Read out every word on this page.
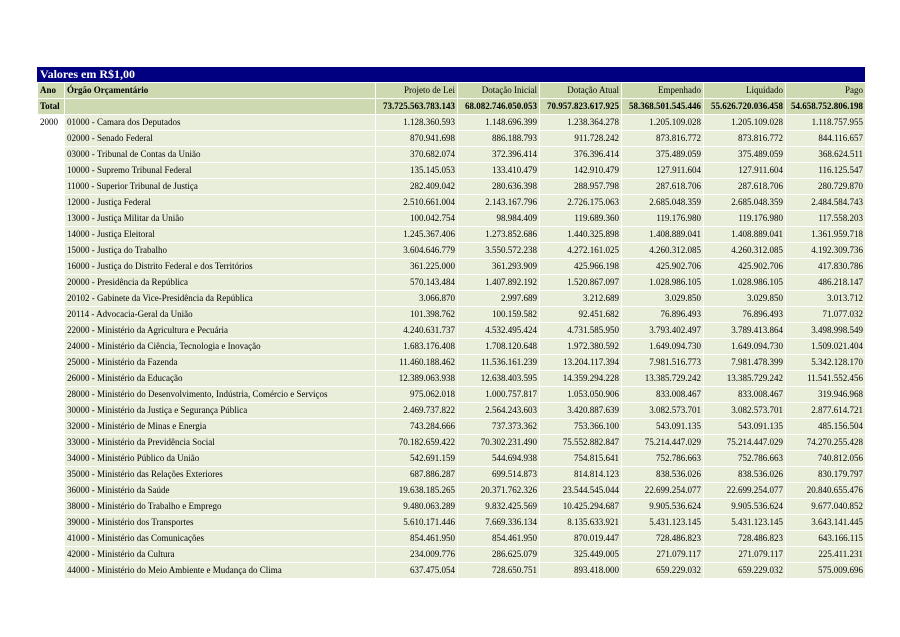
Valores em R$1,00
Ano	Órgão Orçamentário	Projeto de Lei	Dotação Inicial	Dotação Atual	Empenhado	Liquidado	Pago
Total		73.725.563.783.143	68.082.746.050.053	70.957.823.617.925	58.368.501.545.446	55.626.720.036.458	54.658.752.806.198
2000	01000 - Camara dos Deputados	1.128.360.593	1.148.696.399	1.238.364.278	1.205.109.028	1.205.109.028	1.118.757.955
	02000 - Senado Federal	870.941.698	886.188.793	911.728.242	873.816.772	873.816.772	844.116.657
	03000 - Tribunal de Contas da União	370.682.074	372.396.414	376.396.414	375.489.059	375.489.059	368.624.511
	10000 - Supremo Tribunal Federal	135.145.053	133.410.479	142.910.479	127.911.604	127.911.604	116.125.547
	11000 - Superior Tribunal de Justiça	282.409.042	280.636.398	288.957.798	287.618.706	287.618.706	280.729.870
	12000 - Justiça Federal	2.510.661.004	2.143.167.796	2.726.175.063	2.685.048.359	2.685.048.359	2.484.584.743
	13000 - Justiça Militar da União	100.042.754	98.984.409	119.689.360	119.176.980	119.176.980	117.558.203
	14000 - Justiça Eleitoral	1.245.367.406	1.273.852.686	1.440.325.898	1.408.889.041	1.408.889.041	1.361.959.718
	15000 - Justiça do Trabalho	3.604.646.779	3.550.572.238	4.272.161.025	4.260.312.085	4.260.312.085	4.192.309.736
	16000 - Justiça do Distrito Federal e dos Territórios	361.225.000	361.293.909	425.966.198	425.902.706	425.902.706	417.830.786
	20000 - Presidência da República	570.143.484	1.407.892.192	1.520.867.097	1.028.986.105	1.028.986.105	486.218.147
	20102 - Gabinete da Vice-Presidência da República	3.066.870	2.997.689	3.212.689	3.029.850	3.029.850	3.013.712
	20114 - Advocacia-Geral da União	101.398.762	100.159.582	92.451.682	76.896.493	76.896.493	71.077.032
	22000 - Ministério da Agricultura e Pecuária	4.240.631.737	4.532.495.424	4.731.585.950	3.793.402.497	3.789.413.864	3.498.998.549
	24000 - Ministério da Ciência, Tecnologia e Inovação	1.683.176.408	1.708.120.648	1.972.380.592	1.649.094.730	1.649.094.730	1.509.021.404
	25000 - Ministério da Fazenda	11.460.188.462	11.536.161.239	13.204.117.394	7.981.516.773	7.981.478.399	5.342.128.170
	26000 - Ministério da Educação	12.389.063.938	12.638.403.595	14.359.294.228	13.385.729.242	13.385.729.242	11.541.552.456
	28000 - Ministério do Desenvolvimento, Indústria, Comércio e Serviços	975.062.018	1.000.757.817	1.053.050.906	833.008.467	833.008.467	319.946.968
	30000 - Ministério da Justiça e Segurança Pública	2.469.737.822	2.564.243.603	3.420.887.639	3.082.573.701	3.082.573.701	2.877.614.721
	32000 - Ministério de Minas e Energia	743.284.666	737.373.362	753.366.100	543.091.135	543.091.135	485.156.504
	33000 - Ministério da Previdência Social	70.182.659.422	70.302.231.490	75.552.882.847	75.214.447.029	75.214.447.029	74.270.255.428
	34000 - Ministério Público da União	542.691.159	544.694.938	754.815.641	752.786.663	752.786.663	740.812.056
	35000 - Ministério das Relações Exteriores	687.886.287	699.514.873	814.814.123	838.536.026	838.536.026	830.179.797
	36000 - Ministério da Saúde	19.638.185.265	20.371.762.326	23.544.545.044	22.699.254.077	22.699.254.077	20.840.655.476
	38000 - Ministério do Trabalho e Emprego	9.480.063.289	9.832.425.569	10.425.294.687	9.905.536.624	9.905.536.624	9.677.040.852
	39000 - Ministério dos Transportes	5.610.171.446	7.669.336.134	8.135.633.921	5.431.123.145	5.431.123.145	3.643.141.445
	41000 - Ministério das Comunicações	854.461.950	854.461.950	870.019.447	728.486.823	728.486.823	643.166.115
	42000 - Ministério da Cultura	234.009.776	286.625.079	325.449.005	271.079.117	271.079.117	225.411.231
	44000 - Ministério do Meio Ambiente e Mudança do Clima	637.475.054	728.650.751	893.418.000	659.229.032	659.229.032	575.009.696
